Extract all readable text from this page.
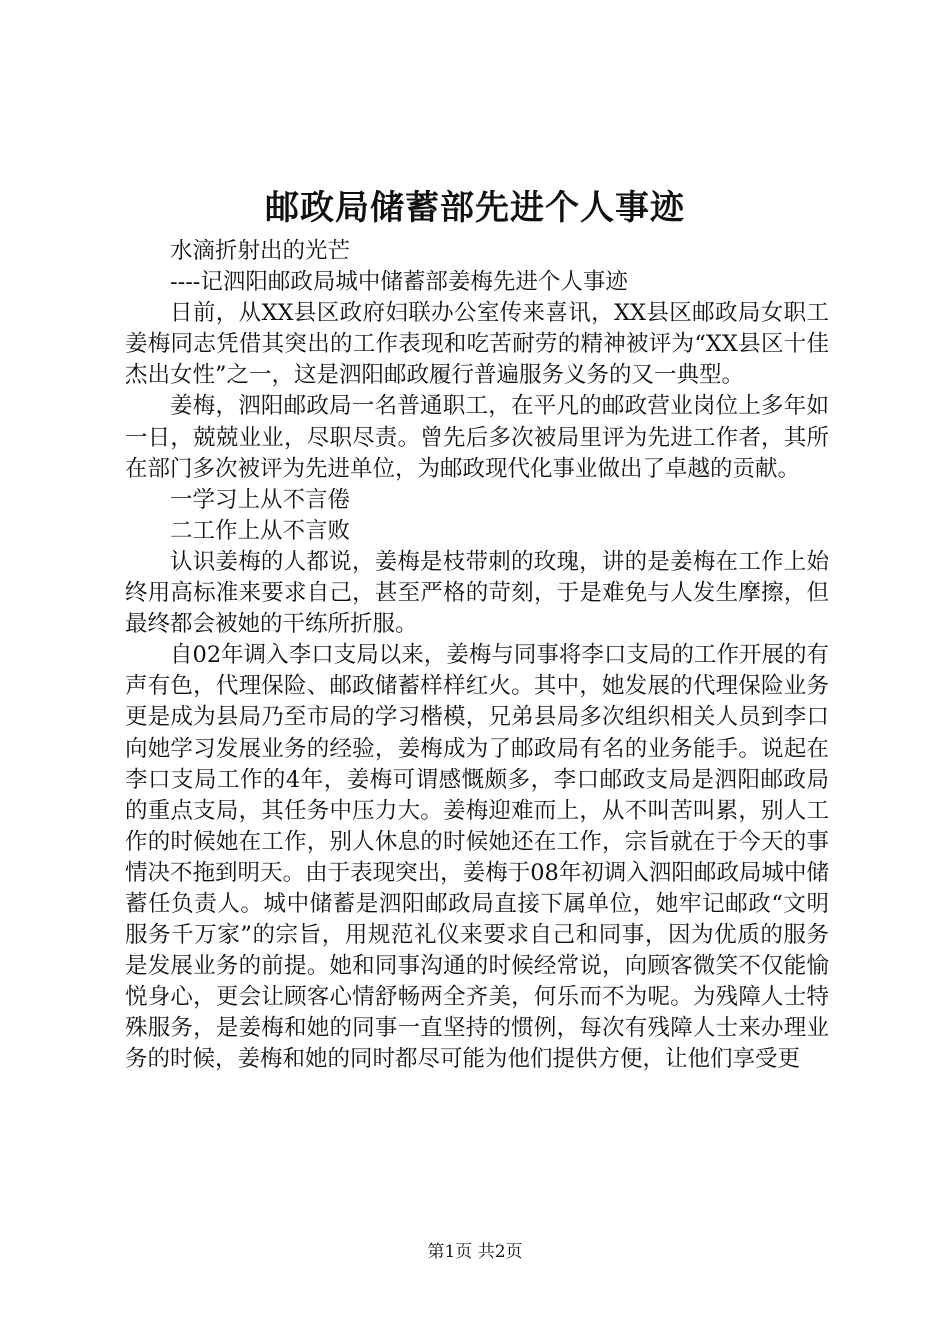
邮政局储蓄部先进个人事迹

水滴折射出的光芒

----记泗阳邮政局城中储蓄部姜梅先进个人事迹

日前，从XX县区政府妇联办公室传来喜讯，XX县区邮政局女职工姜梅同志凭借其突出的工作表现和吃苦耐劳的精神被评为“XX县区十佳杰出女性”之一，这是泗阳邮政履行普遍服务义务的又一典型。

姜梅，泗阳邮政局一名普通职工，在平凡的邮政营业岗位上多年如一日，兢兢业业，尽职尽责。曾先后多次被局里评为先进工作者，其所在部门多次被评为先进单位，为邮政现代化事业做出了卓越的贡献。

一学习上从不言倦

二工作上从不言败

认识姜梅的人都说，姜梅是枝带刺的玫瑰，讲的是姜梅在工作上始终用高标准来要求自己，甚至严格的苛刻，于是难免与人发生摩擦，但最终都会被她的干练所折服。

自02年调入李口支局以来，姜梅与同事将李口支局的工作开展的有声有色，代理保险、邮政储蓄样样红火。其中，她发展的代理保险业务更是成为县局乃至市局的学习楷模，兄弟县局多次组织相关人员到李口向她学习发展业务的经验，姜梅成为了邮政局有名的业务能手。说起在李口支局工作的4年，姜梅可谓感慨颇多，李口邮政支局是泗阳邮政局的重点支局，其任务中压力大。姜梅迎难而上，从不叫苦叫累，别人工作的时候她在工作，别人休息的时候她还在工作，宗旨就在于今天的事情决不拖到明天。由于表现突出，姜梅于08年初调入泗阳邮政局城中储蓄任负责人。城中储蓄是泗阳邮政局直接下属单位，她牢记邮政“文明服务千万家”的宗旨，用规范礼仪来要求自己和同事，因为优质的服务是发展业务的前提。她和同事沟通的时候经常说，向顾客微笑不仅能愉悦身心，更会让顾客心情舒畅两全齐美，何乐而不为呢。为残障人士特殊服务，是姜梅和她的同事一直坚持的惯例，每次有残障人士来办理业务的时候，姜梅和她的同时都尽可能为他们提供方便，让他们享受更

第1页 共2页
